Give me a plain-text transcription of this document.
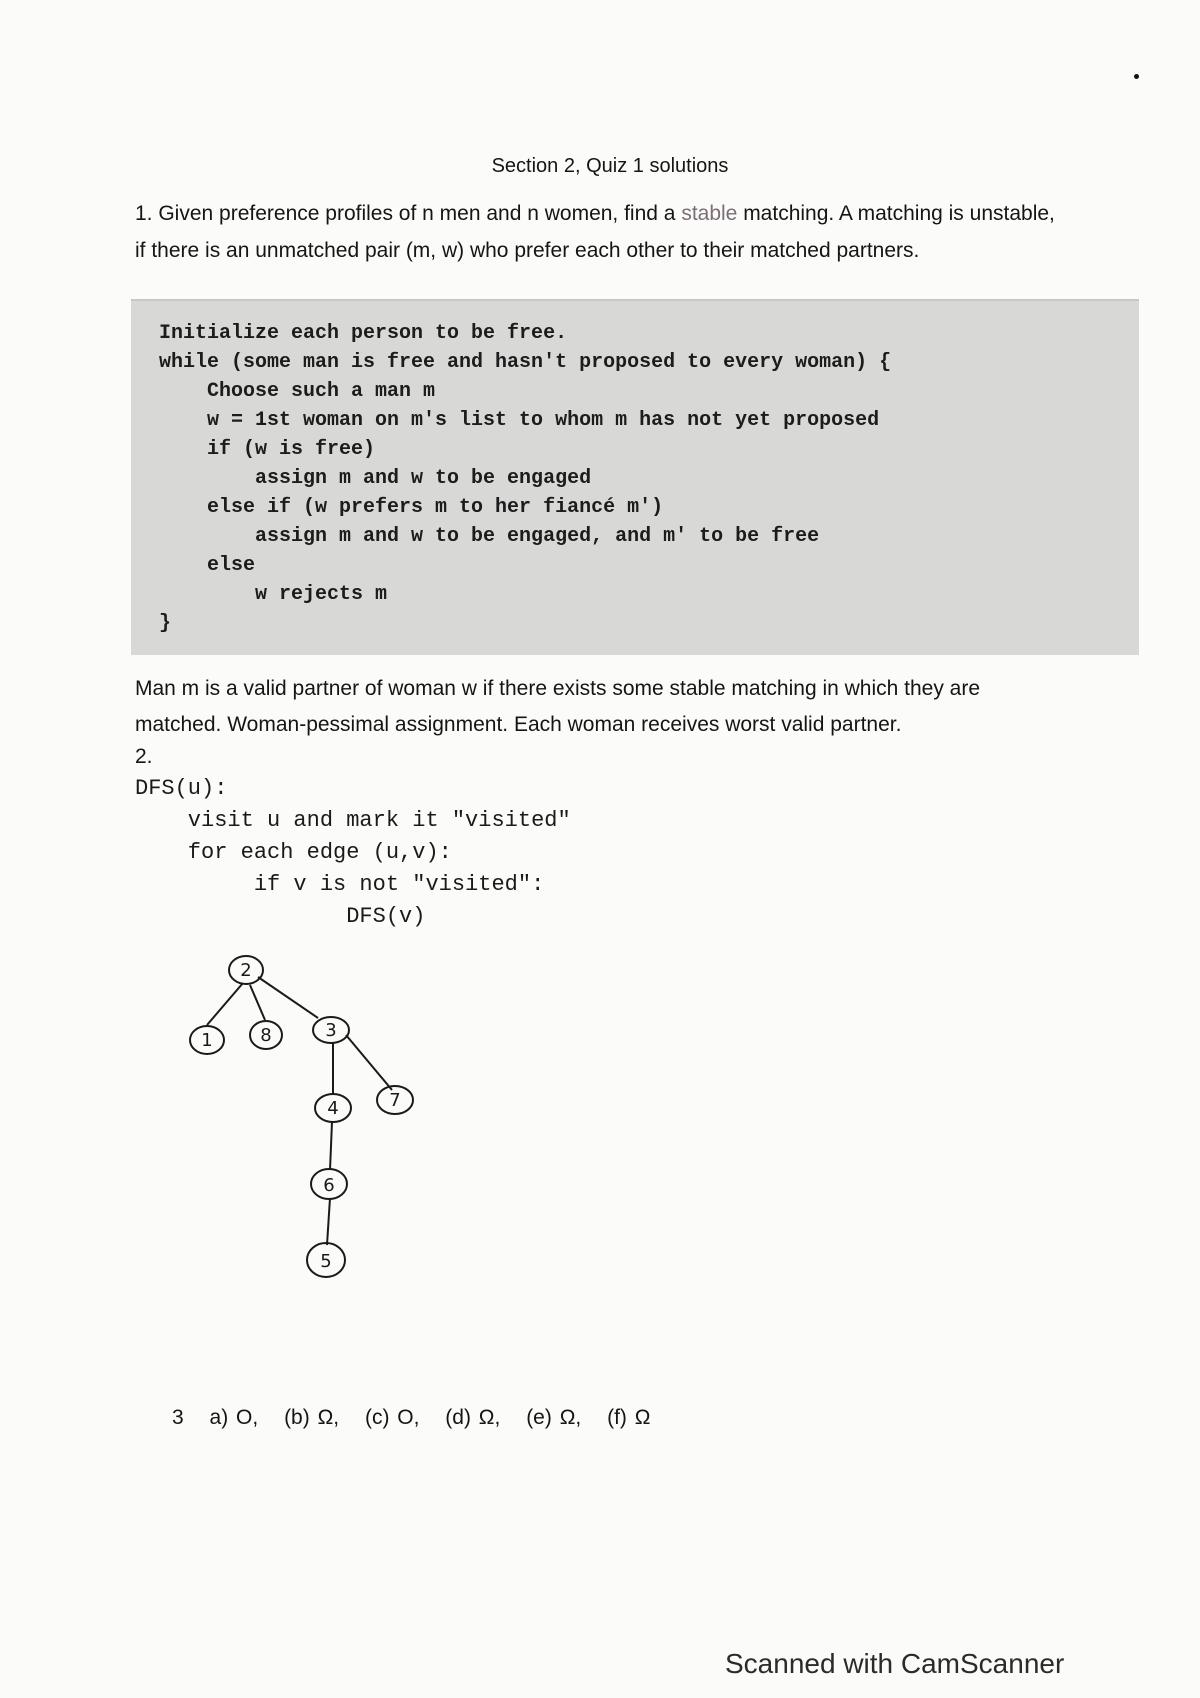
Section 2, Quiz 1 solutions
1. Given preference profiles of n men and n women, find a stable matching. A matching is unstable, if there is an unmatched pair (m, w) who prefer each other to their matched partners.
Initialize each person to be free.
while (some man is free and hasn't proposed to every woman) {
Choose such a man m
w = 1st woman on m's list to whom m has not yet proposed
if (w is free)
assign m and w to be engaged
else if (w prefers m to her fiancé m')
assign m and w to be engaged, and m' to be free
else
w rejects m
}
Man m is a valid partner of woman w if there exists some stable matching in which they are matched. Woman-pessimal assignment. Each woman receives worst valid partner.
2.
DFS(u):
visit u and mark it "visited"
for each edge (u,v):
if v is not "visited":
DFS(v)
2
1	8	3
4	7
6
5
3 a) O, (b) Ω, (c) O, (d) Ω, (e) Ω, (f) Ω
Scanned with CamScanner
